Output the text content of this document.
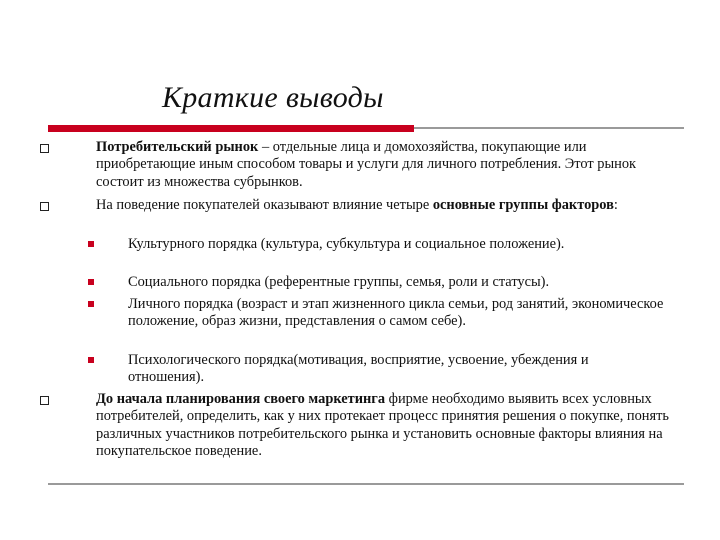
Краткие выводы
Потребительский рынок – отдельные лица и домохозяйства, покупающие или приобретающие иным способом товары и услуги для личного потребления. Этот рынок состоит из множества субрынков.
На поведение покупателей оказывают влияние четыре основные группы факторов:
Культурного порядка (культура, субкультура и социальное положение).
Социального порядка (референтные группы, семья, роли и статусы).
Личного порядка (возраст и этап жизненного цикла семьи, род занятий, экономическое положение, образ жизни, представления о самом себе).
Психологического порядка(мотивация, восприятие, усвоение, убеждения и отношения).
До начала планирования своего маркетинга фирме необходимо выявить всех условных потребителей, определить, как у них протекает процесс принятия решения о покупке, понять различных участников потребительского рынка и установить основные факторы влияния на покупательское поведение.
